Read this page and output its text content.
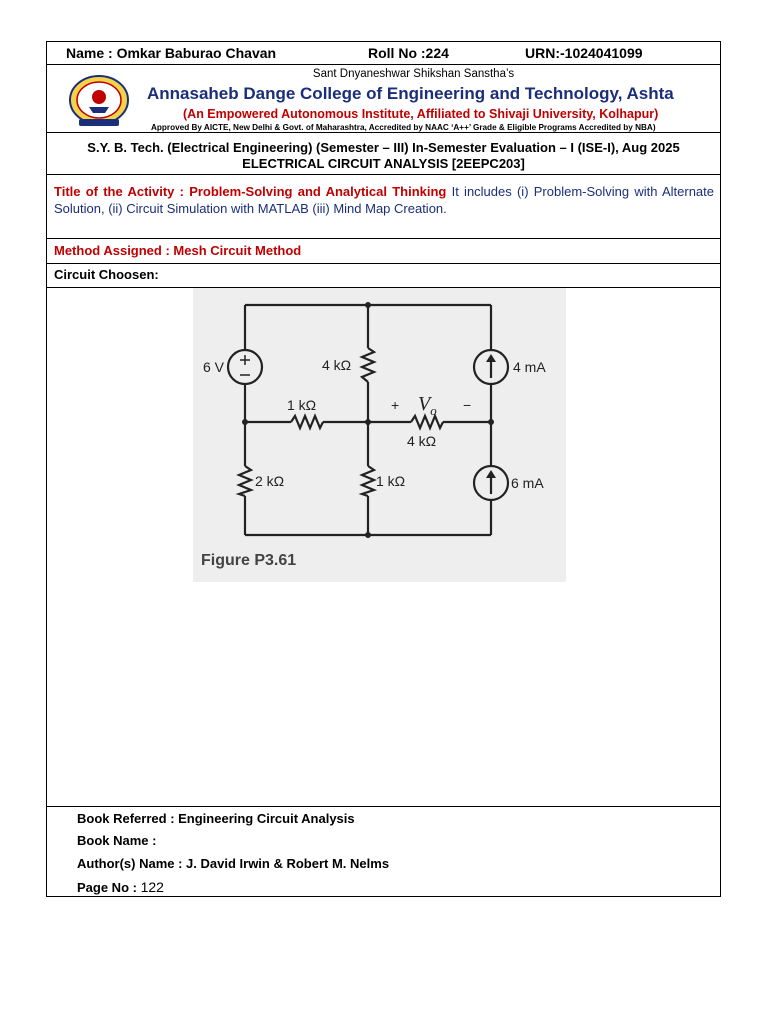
Name : Omkar Baburao Chavan	Roll No :224	URN:-1024041099
Sant Dnyaneshwar Shikshan Sanstha’s
Annasaheb Dange College of Engineering and Technology, Ashta
(An Empowered Autonomous Institute, Affiliated to Shivaji University, Kolhapur)
Approved By AICTE, New Delhi & Govt. of Maharashtra, Accredited by NAAC ‘A++’ Grade & Eligible Programs Accredited by NBA)
S.Y. B. Tech. (Electrical Engineering) (Semester – III) In-Semester Evaluation – I (ISE-I), Aug 2025
ELECTRICAL CIRCUIT ANALYSIS [2EEPC203]
Title of the Activity : Problem-Solving and Analytical Thinking It includes (i) Problem-Solving with Alternate Solution, (ii) Circuit Simulation with MATLAB (iii) Mind Map Creation.
Method Assigned : Mesh Circuit Method
Circuit Choosen:
6 V	4 kΩ	4 mA
1 kΩ	+	−
4 kΩ
2 kΩ	1 kΩ	6 mA
$V_o$
Figure P3.61
Book Referred : Engineering Circuit Analysis
Book Name :
Author(s) Name : J. David Irwin & Robert M. Nelms
Page No : 122
